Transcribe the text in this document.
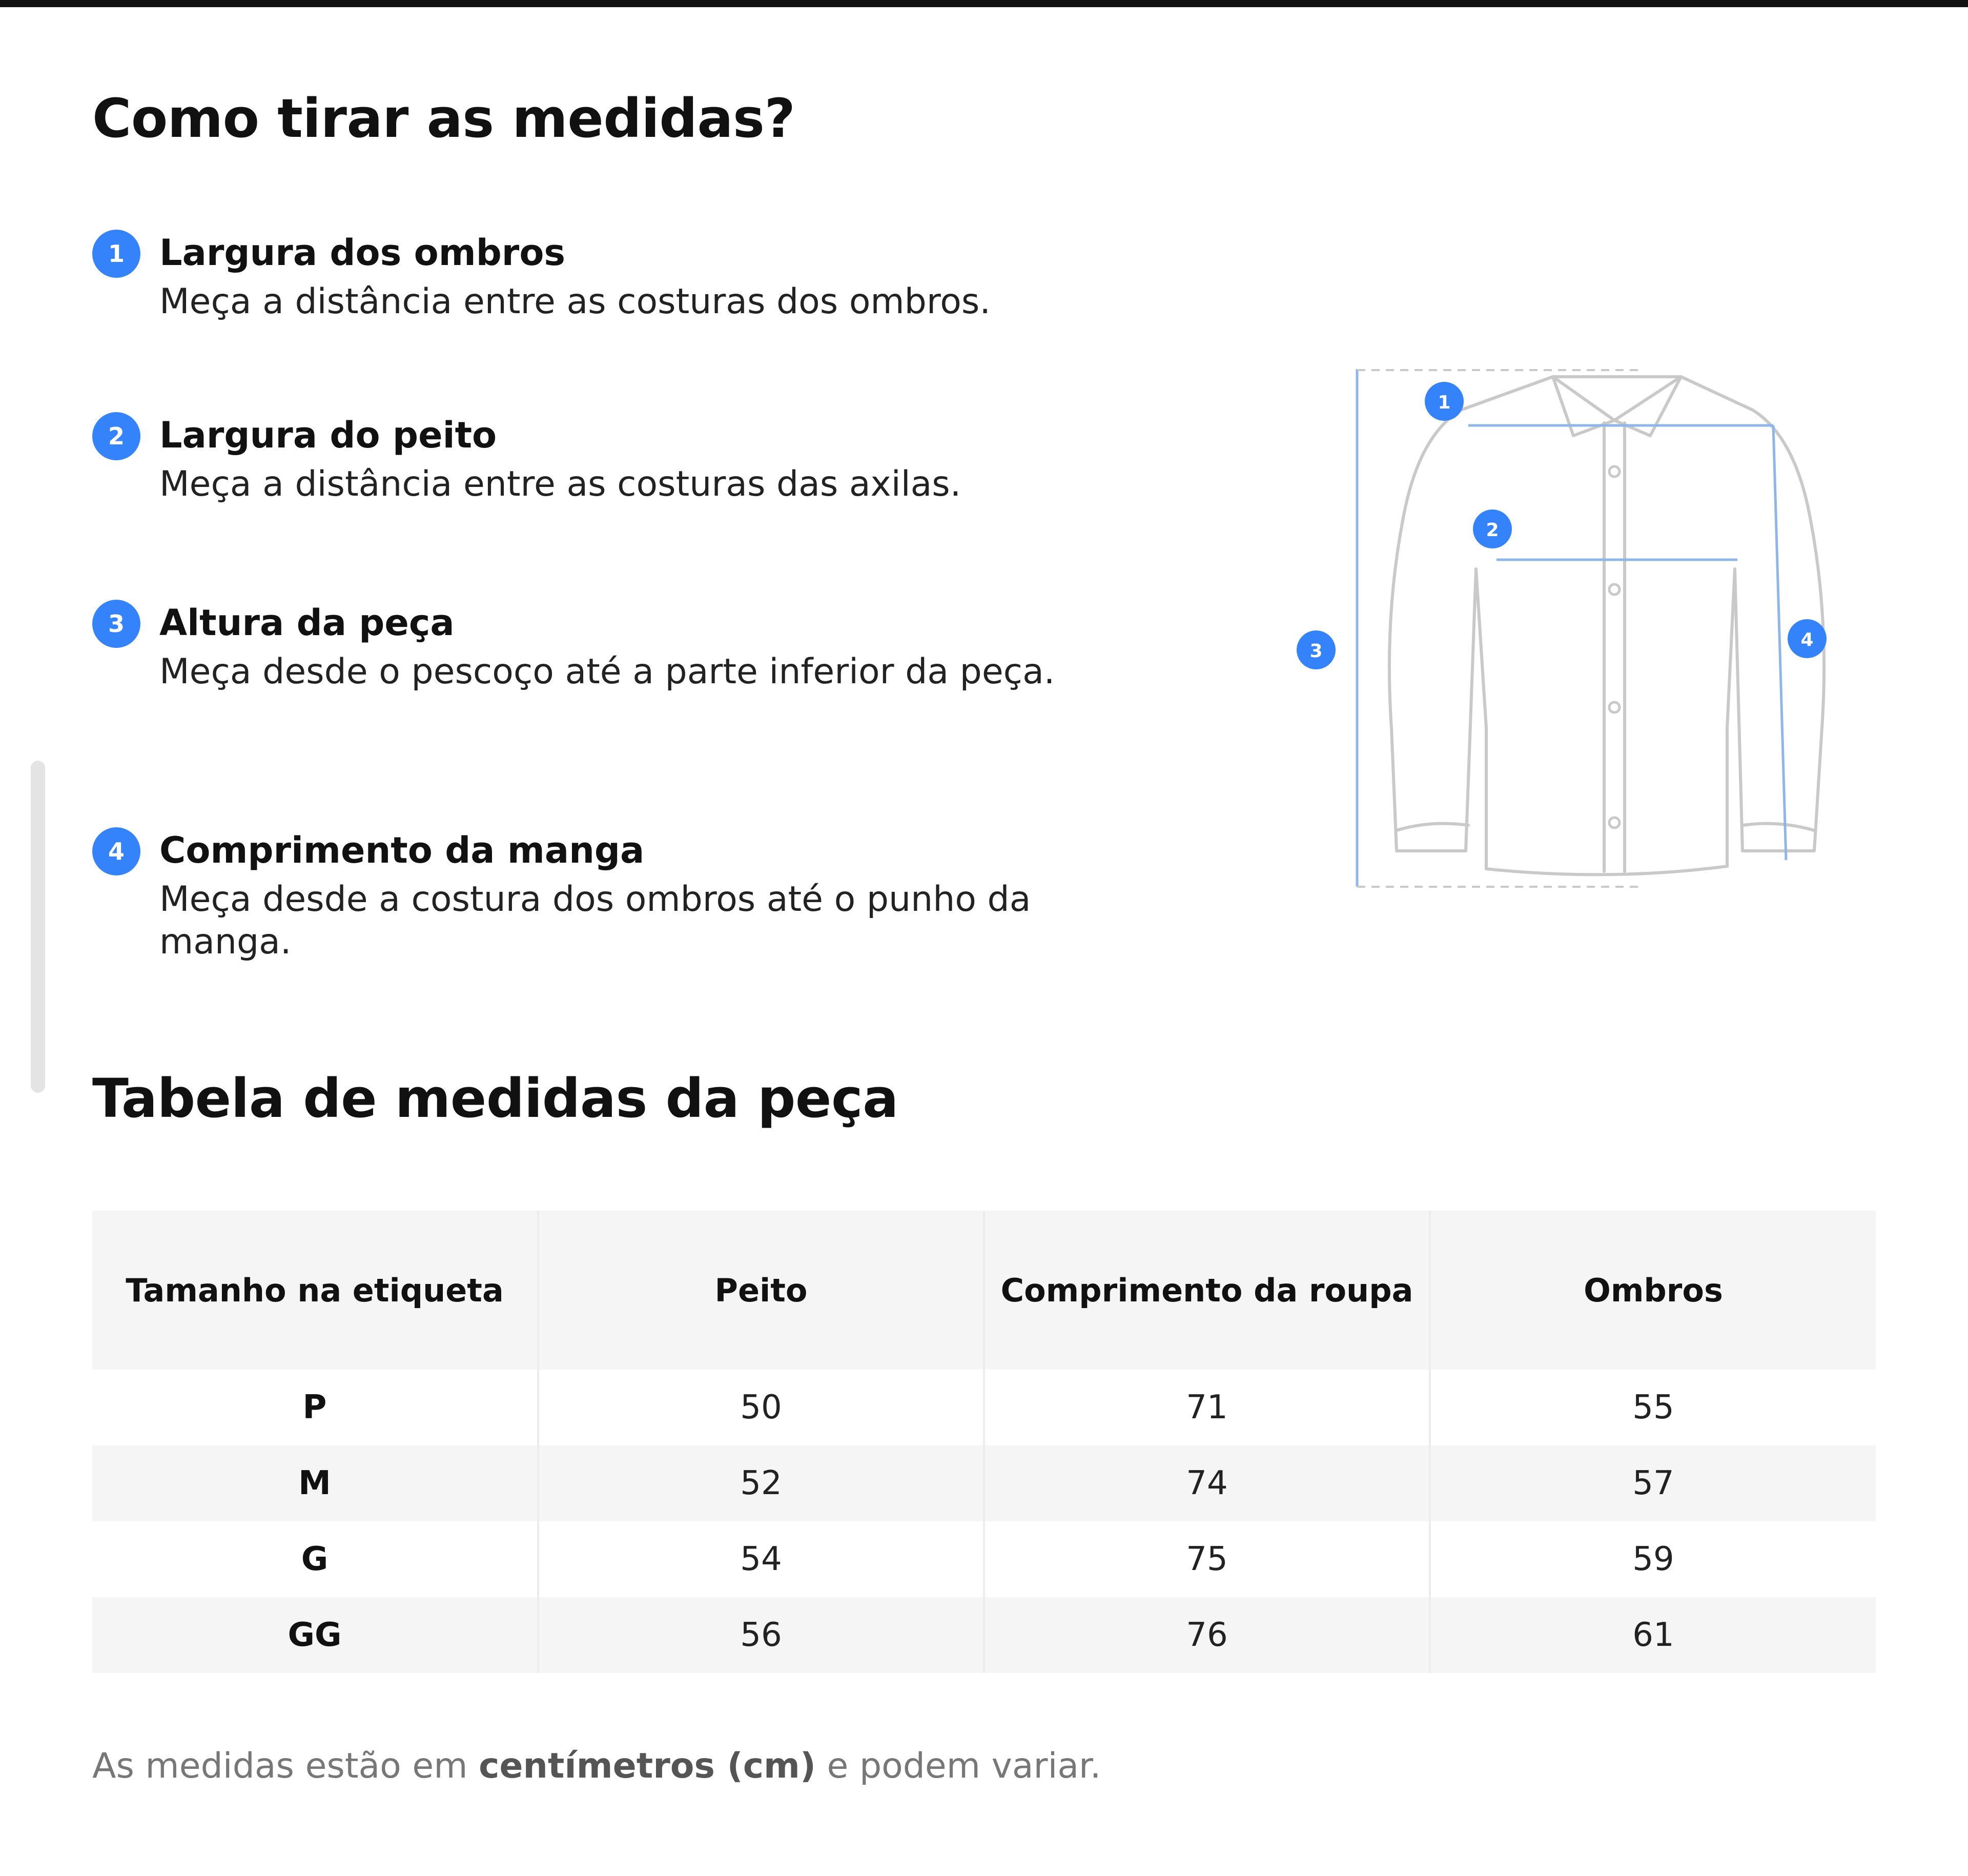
Como tirar as medidas?
1 Largura dos ombros
Meça a distância entre as costuras dos ombros.
2 Largura do peito
Meça a distância entre as costuras das axilas.
3 Altura da peça
Meça desde o pescoço até a parte inferior da peça.
4 Comprimento da manga
Meça desde a costura dos ombros até o punho da manga.
1
2
3
4
Tabela de medidas da peça
Tamanho na etiqueta	Peito	Comprimento da roupa	Ombros
P	50	71	55
M	52	74	57
G	54	75	59
GG	56	76	61
As medidas estão em centímetros (cm) e podem variar.
